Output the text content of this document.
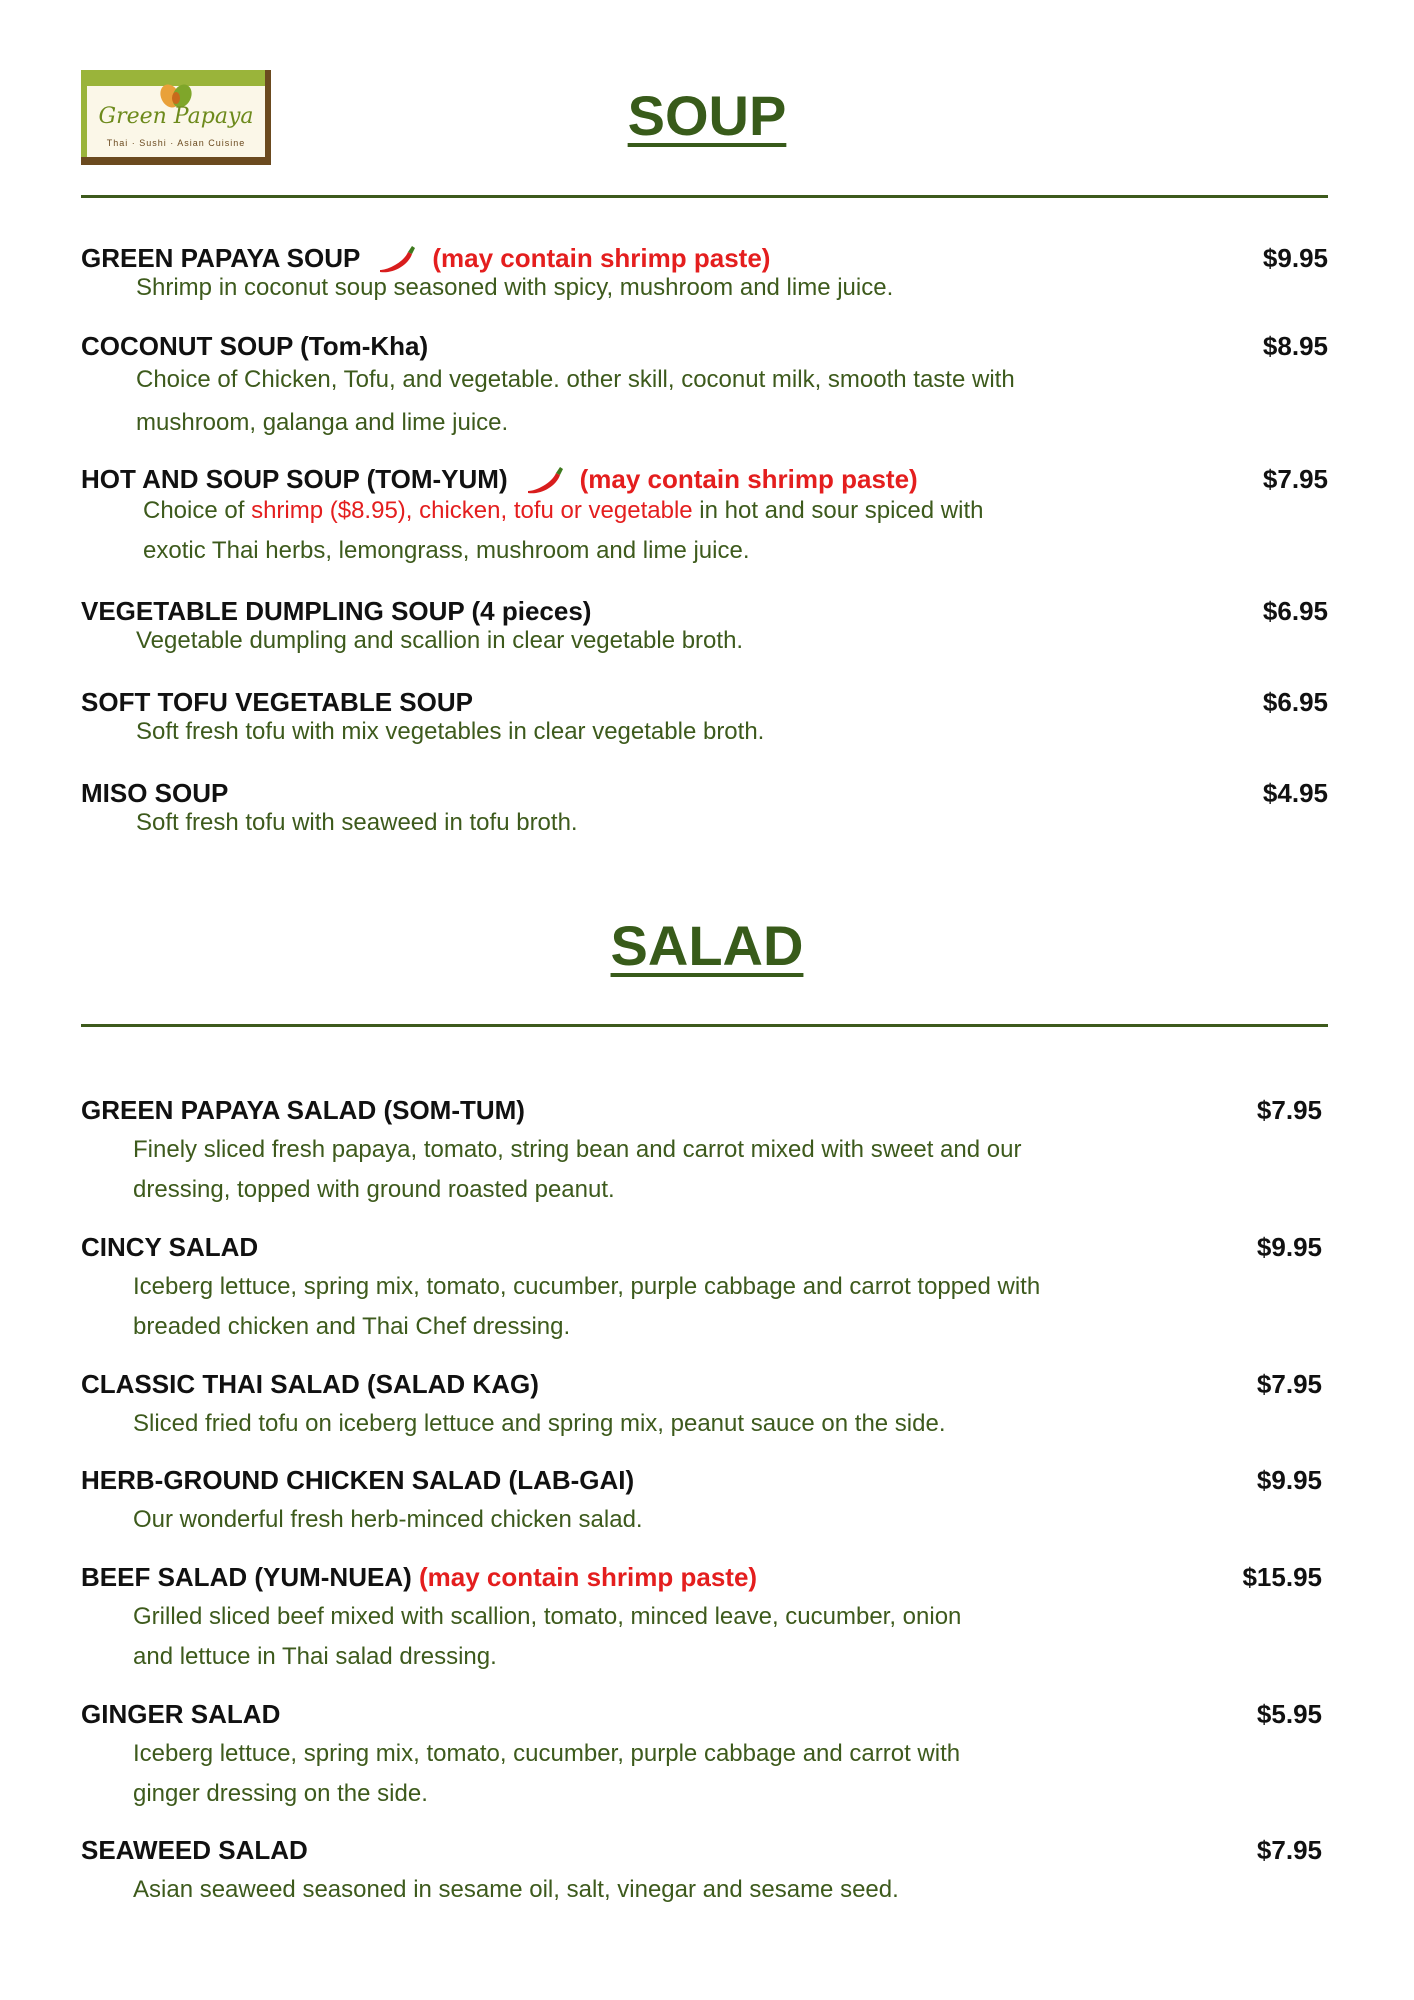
Green Papaya
Thai · Sushi · Asian Cuisine	SOUP
GREEN PAPAYA SOUP	(may contain shrimp paste)	$9.95
Shrimp in coconut soup seasoned with spicy, mushroom and lime juice.
COCONUT SOUP (Tom-Kha)	$8.95
Choice of Chicken, Tofu, and vegetable. other skill, coconut milk, smooth taste with
mushroom, galanga and lime juice.
HOT AND SOUP SOUP (TOM-YUM)	(may contain shrimp paste)	$7.95
Choice of shrimp ($8.95), chicken, tofu or vegetable in hot and sour spiced with
exotic Thai herbs, lemongrass, mushroom and lime juice.
VEGETABLE DUMPLING SOUP (4 pieces)	$6.95
Vegetable dumpling and scallion in clear vegetable broth.
SOFT TOFU VEGETABLE SOUP	$6.95
Soft fresh tofu with mix vegetables in clear vegetable broth.
MISO SOUP	$4.95
Soft fresh tofu with seaweed in tofu broth.
SALAD
GREEN PAPAYA SALAD (SOM-TUM)	$7.95
Finely sliced fresh papaya, tomato, string bean and carrot mixed with sweet and our
dressing, topped with ground roasted peanut.
CINCY SALAD	$9.95
Iceberg lettuce, spring mix, tomato, cucumber, purple cabbage and carrot topped with
breaded chicken and Thai Chef dressing.
CLASSIC THAI SALAD (SALAD KAG)	$7.95
Sliced fried tofu on iceberg lettuce and spring mix, peanut sauce on the side.
HERB-GROUND CHICKEN SALAD (LAB-GAI)	$9.95
Our wonderful fresh herb-minced chicken salad.
BEEF SALAD (YUM-NUEA)
(may contain shrimp paste)	$15.95
Grilled sliced beef mixed with scallion, tomato, minced leave, cucumber, onion
and lettuce in Thai salad dressing.
GINGER SALAD	$5.95
Iceberg lettuce, spring mix, tomato, cucumber, purple cabbage and carrot with
ginger dressing on the side.
SEAWEED SALAD	$7.95
Asian seaweed seasoned in sesame oil, salt, vinegar and sesame seed.
